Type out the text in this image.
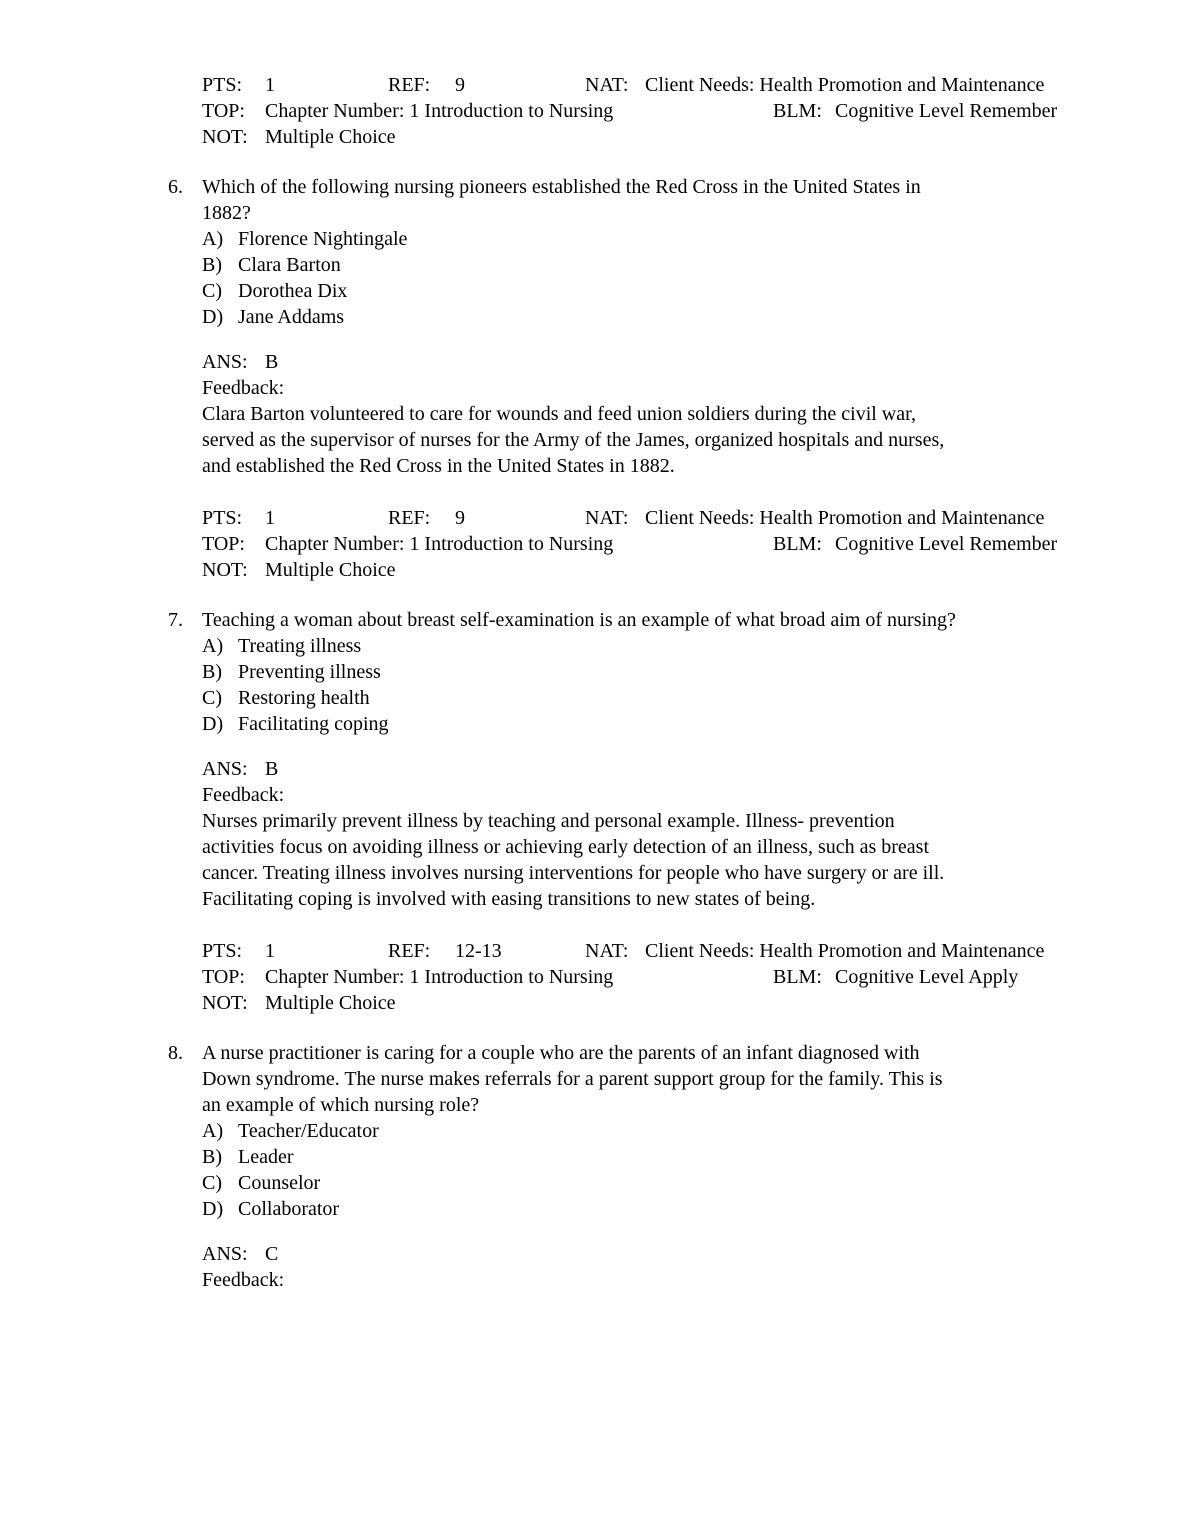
PTS: 1	REF: 9	NAT: Client Needs: Health Promotion and Maintenance
TOP: Chapter Number: 1 Introduction to Nursing	BLM: Cognitive Level Remember
NOT: Multiple Choice
6. Which of the following nursing pioneers established the Red Cross in the United States in
1882?
A) Florence Nightingale
B) Clara Barton
C) Dorothea Dix
D) Jane Addams
ANS: B
Feedback:
Clara Barton volunteered to care for wounds and feed union soldiers during the civil war,
served as the supervisor of nurses for the Army of the James, organized hospitals and nurses,
and established the Red Cross in the United States in 1882.
PTS: 1	REF: 9	NAT: Client Needs: Health Promotion and Maintenance
TOP: Chapter Number: 1 Introduction to Nursing	BLM: Cognitive Level Remember
NOT: Multiple Choice
7. Teaching a woman about breast self-examination is an example of what broad aim of nursing?
A) Treating illness
B) Preventing illness
C) Restoring health
D) Facilitating coping
ANS: B
Feedback:
Nurses primarily prevent illness by teaching and personal example. Illness- prevention
activities focus on avoiding illness or achieving early detection of an illness, such as breast
cancer. Treating illness involves nursing interventions for people who have surgery or are ill.
Facilitating coping is involved with easing transitions to new states of being.
PTS: 1	REF: 12-13	NAT: Client Needs: Health Promotion and Maintenance
TOP: Chapter Number: 1 Introduction to Nursing	BLM: Cognitive Level Apply
NOT: Multiple Choice
8. A nurse practitioner is caring for a couple who are the parents of an infant diagnosed with
Down syndrome. The nurse makes referrals for a parent support group for the family. This is
an example of which nursing role?
A) Teacher/Educator
B) Leader
C) Counselor
D) Collaborator
ANS: C
Feedback:
